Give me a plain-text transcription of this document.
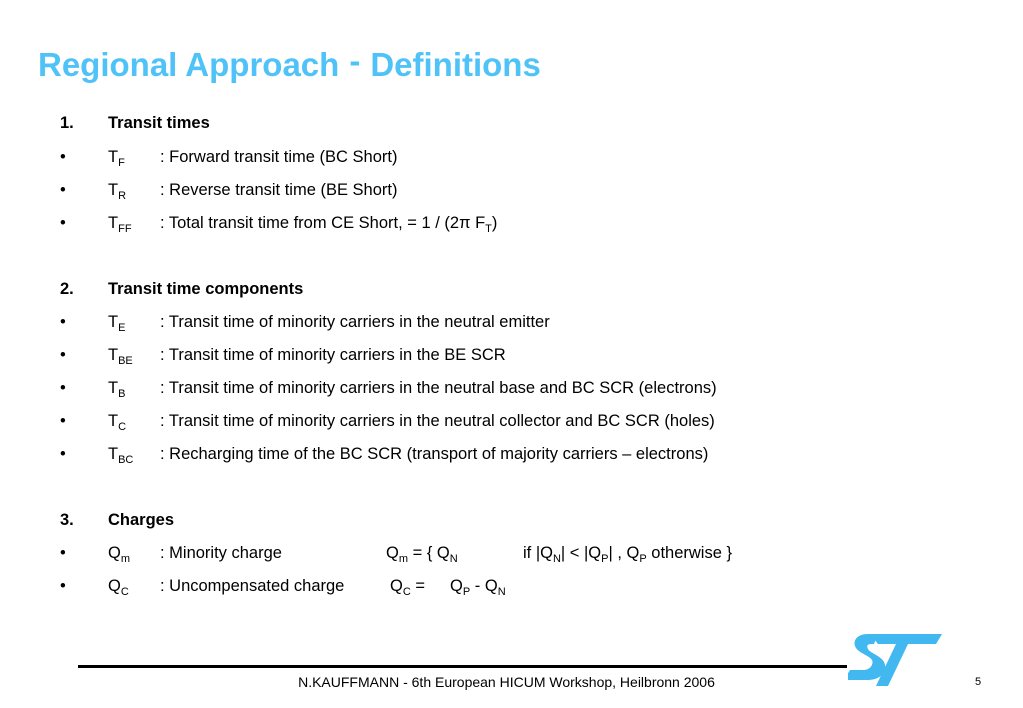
Regional Approach - Definitions
1. Transit times
•	$T_F$ : Forward transit time (BC Short)
•	$T_R$ : Reverse transit time (BE Short)
•	$T_{FF}$ : Total transit time from CE Short, = 1 / (2π $F_T$)
2. Transit time components
•	$T_E$ : Transit time of minority carriers in the neutral emitter
•	$T_{BE}$ : Transit time of minority carriers in the BE SCR
•	$T_B$ : Transit time of minority carriers in the neutral base and BC SCR (electrons)
•	$T_C$ : Transit time of minority carriers in the neutral collector and BC SCR (holes)
•	$T_{BC}$ : Recharging time of the BC SCR (transport of majority carriers – electrons)
3. Charges
•	$Q_m$ : Minority charge	$Q_m$ = { $Q_N$	if $|Q_N| < |Q_P|$ , $Q_P$ otherwise }
•	$Q_C$ : Uncompensated charge	$Q_C = Q_P - Q_N$
N.KAUFFMANN - 6th European HICUM Workshop, Heilbronn 2006	5
